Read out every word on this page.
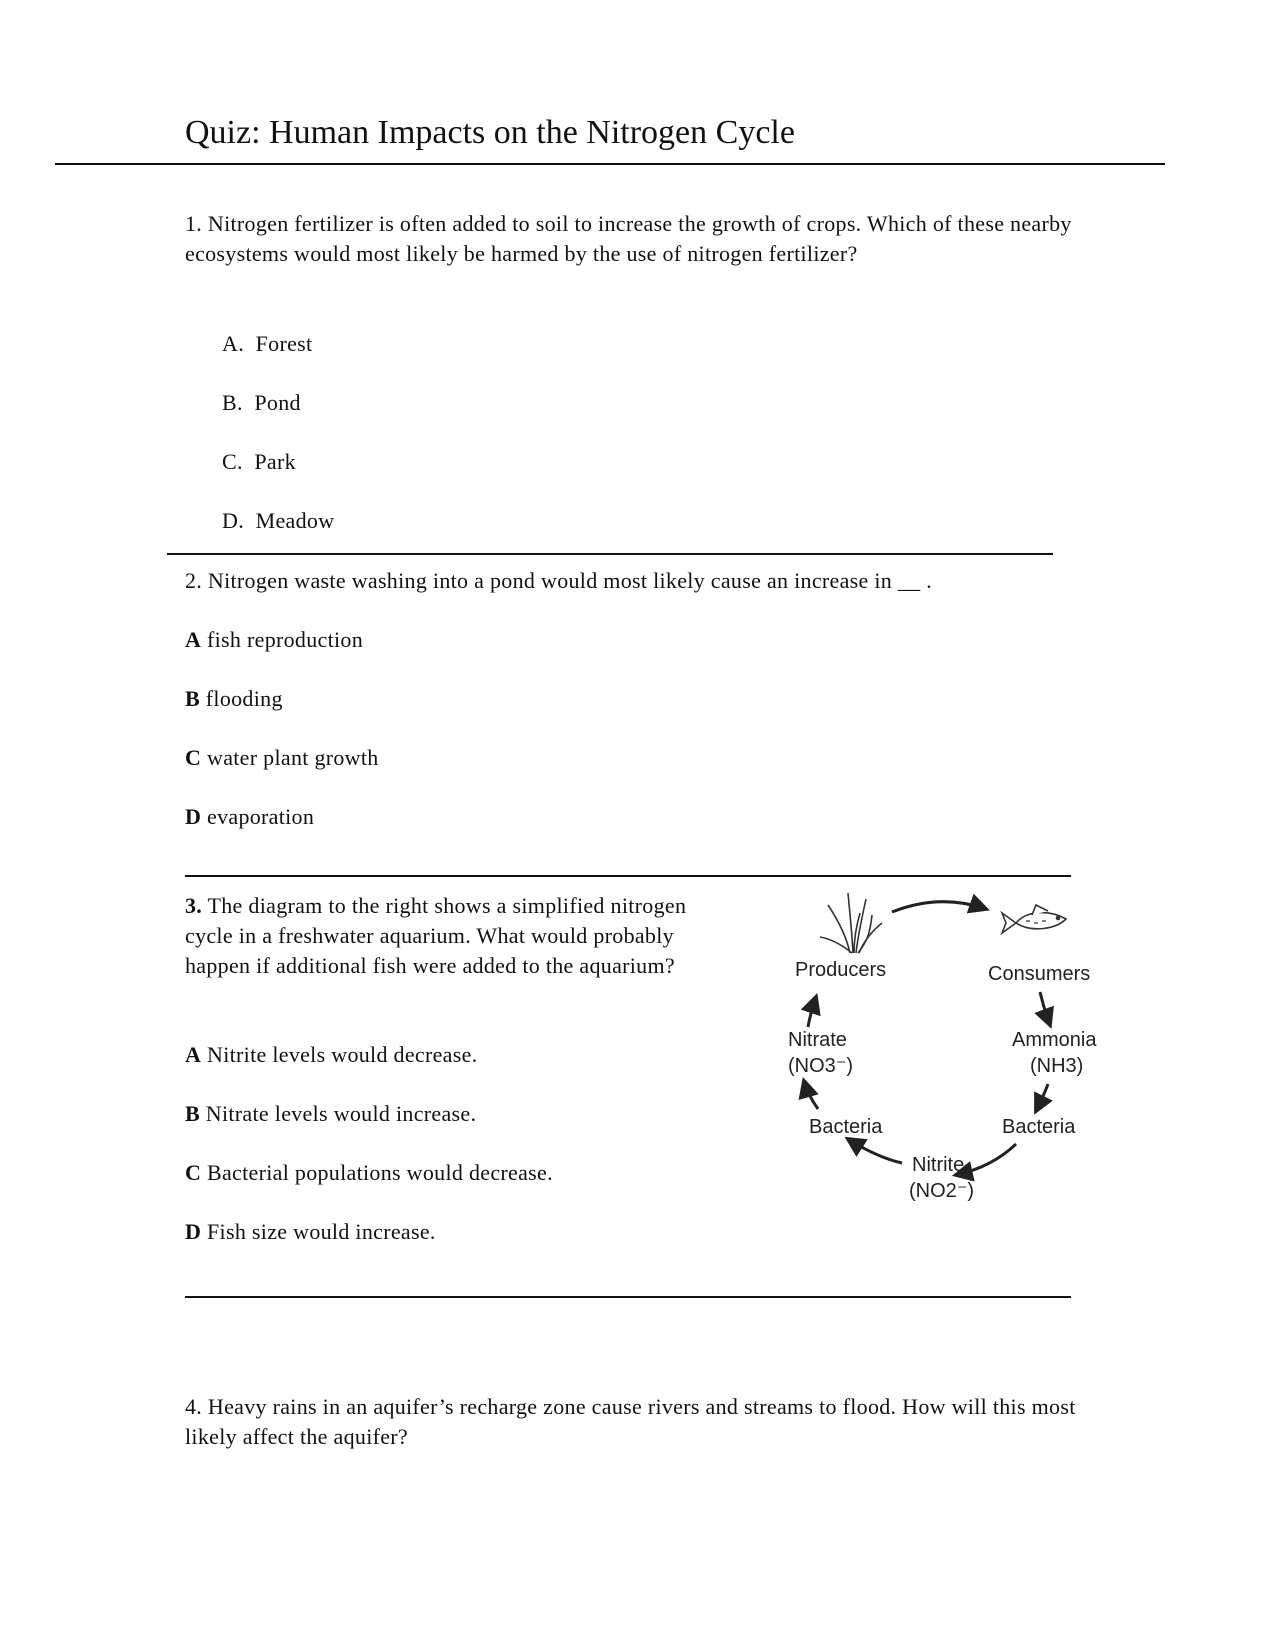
Quiz: Human Impacts on the Nitrogen Cycle
1. Nitrogen fertilizer is often added to soil to increase the growth of crops. Which of these nearby ecosystems would most likely be harmed by the use of nitrogen fertilizer?
A. Forest
B. Pond
C. Park
D. Meadow
2. Nitrogen waste washing into a pond would most likely cause an increase in __ .
A fish reproduction
B flooding
C water plant growth
D evaporation
3. The diagram to the right shows a simplified nitrogen cycle in a freshwater aquarium. What would probably happen if additional fish were added to the aquarium?
A Nitrite levels would decrease.
B Nitrate levels would increase.
C Bacterial populations would decrease.
D Fish size would increase.
Producers	Consumers
Nitrate
(NO3⁻)
Ammonia
(NH3)
Bacteria	Bacteria
Nitrite
(NO2⁻)
4. Heavy rains in an aquifer’s recharge zone cause rivers and streams to flood. How will this most likely affect the aquifer?
